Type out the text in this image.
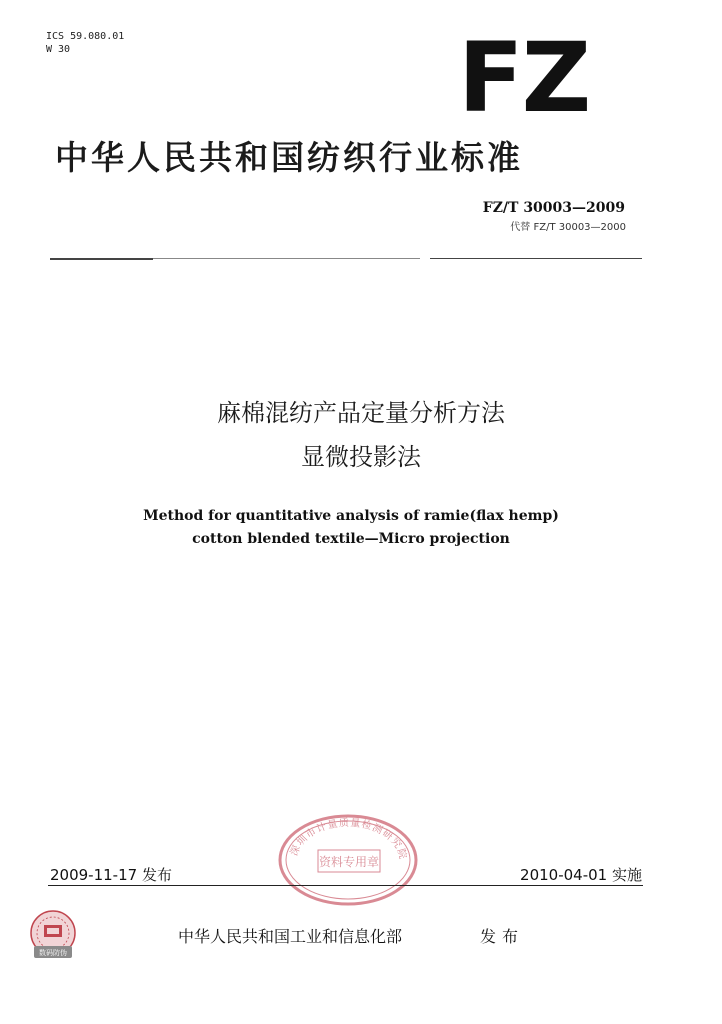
ICS 59.080.01
W 30	FZ
中华人民共和国纺织行业标准
FZ/T 30003—2009
代替 FZ/T 30003—2000
麻棉混纺产品定量分析方法
显微投影法
Method for quantitative analysis of ramie(flax hemp)
cotton blended textile—Micro projection
深圳市计量质量检测研究院
资料专用章
2009-11-17 发布	2010-04-01 实施
数码防伪
中华人民共和国工业和信息化部	发布
